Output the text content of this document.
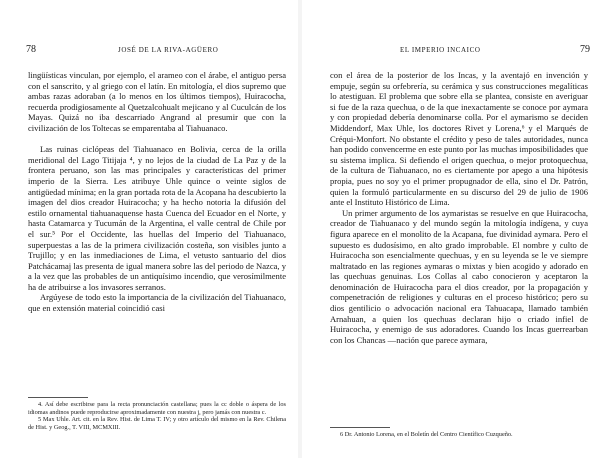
78	JOSÉ DE LA RIVA-AGÜERO

lingüísticas vinculan, por ejemplo, el arameo con el árabe, el antiguo persa con el sanscrito, y al griego con el latín. En mitología, el dios supremo que ambas razas adoraban (a lo menos en los últimos tiempos), Huiracocha, recuerda prodigiosamente al Quetzalcohualt mejicano y al Cuculcán de los Mayas. Quizá no iba descarriado Angrand al presumir que con la civilización de los Toltecas se emparentaba al Tiahuanaco.

Las ruinas ciclópeas del Tiahuanaco en Bolivia, cerca de la orilla meridional del Lago Titijaja ⁴, y no lejos de la ciudad de La Paz y de la frontera peruano, son las mas principales y características del primer imperio de la Sierra. Les atribuye Uhle quince o veinte siglos de antigüedad mínima; en la gran portada rota de la Acopana ha descubierto la imagen del dios creador Huiracocha; y ha hecho notoria la difusión del estilo ornamental tiahuanaquense hasta Cuenca del Ecuador en el Norte, y hasta Catamarca y Tucumán de la Argentina, el valle central de Chile por el sur.⁵ Por el Occidente, las huellas del Imperio del Tiahuanaco, superpuestas a las de la primera civilización costeña, son visibles junto a Trujillo; y en las inmediaciones de Lima, el vetusto santuario del dios Patchácamaj las presenta de igual manera sobre las del periodo de Nazca, y a la vez que las probables de un antiquísimo incendio, que verosímilmente ha de atribuirse a los invasores serranos.

Argúyese de todo esto la importancia de la civilización del Tiahuanaco, que en extensión material coincidió casi

4. Así debe escribirse para la recta pronunciación castellana; pues la cc doble o áspera de los idiomas andinos puede reproducirse aproximadamente con nuestra j, pero jamás con nuestra c.

5 Max Uhle. Art. cit. en la Rev. Hist. de Lima T. IV; y otro artículo del mismo en la Rev. Chilena de Hist. y Geog., T. VIII, MCMXIII.

EL IMPERIO INCAICO	79

con el área de la posterior de los Incas, y la aventajó en invención y empuje, según su orfebrería, su cerámica y sus construcciones megalíticas lo atestiguan. El problema que sobre ella se plantea, consiste en averiguar si fue de la raza quechua, o de la que inexactamente se conoce por aymara y con propiedad debería denominarse colla. Por el aymarismo se deciden Middendorf, Max Uhle, los doctores Rivet y Lorena,⁶ y el Marqués de Créqui-Monfort. No obstante el crédito y peso de tales autoridades, nunca han podido convencerme en este punto por las muchas imposibilidades que su sistema implica. Si defiendo el origen quechua, o mejor protoquechua, de la cultura de Tiahuanaco, no es ciertamente por apego a una hipótesis propia, pues no soy yo el primer propugnador de ella, sino el Dr. Patrón, quien la formuló particularmente en su discurso del 29 de julio de 1906 ante el Instituto Histórico de Lima.

Un primer argumento de los aymaristas se resuelve en que Huiracocha, creador de Tiahuanaco y del mundo según la mitología indígena, y cuya figura aparece en el monolito de la Acapana, fue divinidad aymara. Pero el supuesto es dudosísimo, en alto grado improbable. El nombre y culto de Huiracocha son esencialmente quechuas, y en su leyenda se le ve siempre maltratado en las regiones aymaras o mixtas y bien acogido y adorado en las quechuas genuinas. Los Collas al cabo conocieron y aceptaron la denominación de Huiracocha para el dios creador, por la propagación y compenetración de religiones y culturas en el proceso histórico; pero su dios gentilicio o advocación nacional era Tahuacapa, llamado también Arnahuan, a quien los quechuas declaran hijo o criado infiel de Huiracocha, y enemigo de sus adoradores. Cuando los Incas guerrearban con los Chancas —nación que parece aymara,

6 Dr. Antonio Lorena, en el Boletín del Centro Científico Cuzqueño.
